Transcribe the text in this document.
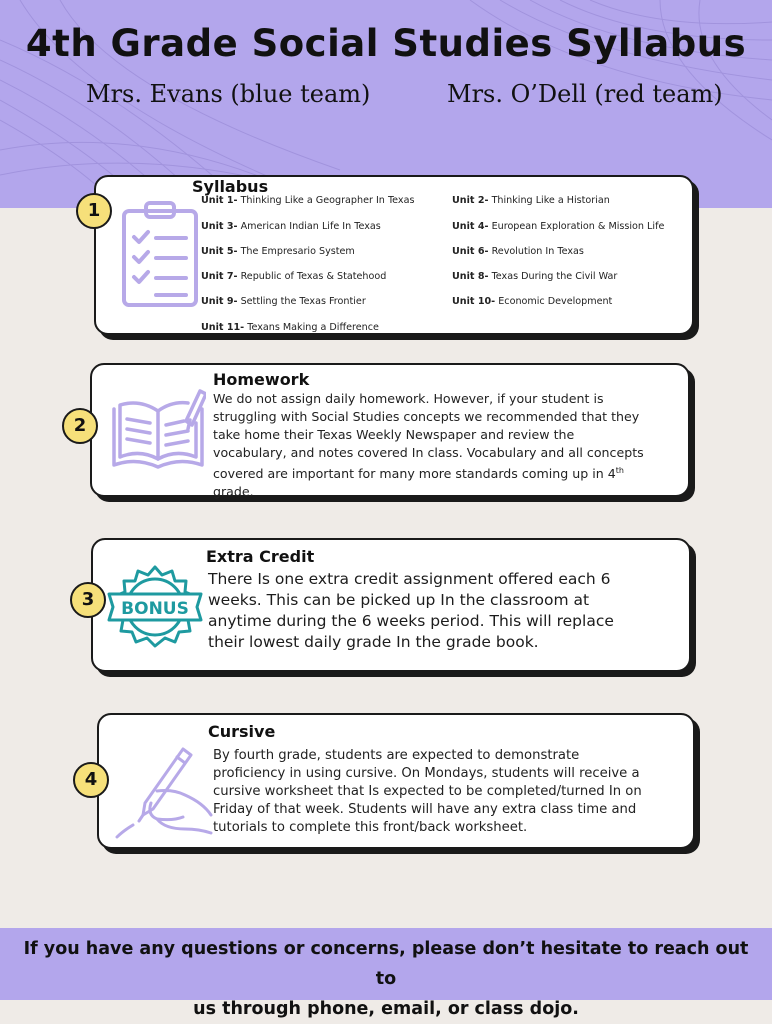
4th Grade Social Studies Syllabus

Mrs. Evans (blue team)	Mrs. O’Dell (red team)

Syllabus
Unit 1- Thinking Like a Geographer In Texas	Unit 2- Thinking Like a Historian
Unit 3- American Indian Life In Texas	Unit 4- European Exploration & Mission Life
Unit 5- The Empresario System	Unit 6- Revolution In Texas
Unit 7- Republic of Texas & Statehood	Unit 8- Texas During the Civil War
Unit 9- Settling the Texas Frontier	Unit 10- Economic Development
Unit 11- Texans Making a Difference
1
Homework

We do not assign daily homework. However, if your student is
struggling with Social Studies concepts we recommended that they
take home their Texas Weekly Newspaper and review the
vocabulary, and notes covered In class. Vocabulary and all concepts
covered are important for many more standards coming up in 4th
grade.

2
Extra Credit
BONUS

There Is one extra credit assignment offered each 6
weeks. This can be picked up In the classroom at
anytime during the 6 weeks period. This will replace
their lowest daily grade In the grade book.

3
Cursive

By fourth grade, students are expected to demonstrate
proficiency in using cursive. On Mondays, students will receive a
cursive worksheet that Is expected to be completed/turned In on
Friday of that week. Students will have any extra class time and
tutorials to complete this front/back worksheet.

4

If you have any questions or concerns, please don’t hesitate to reach out to
us through phone, email, or class dojo.
